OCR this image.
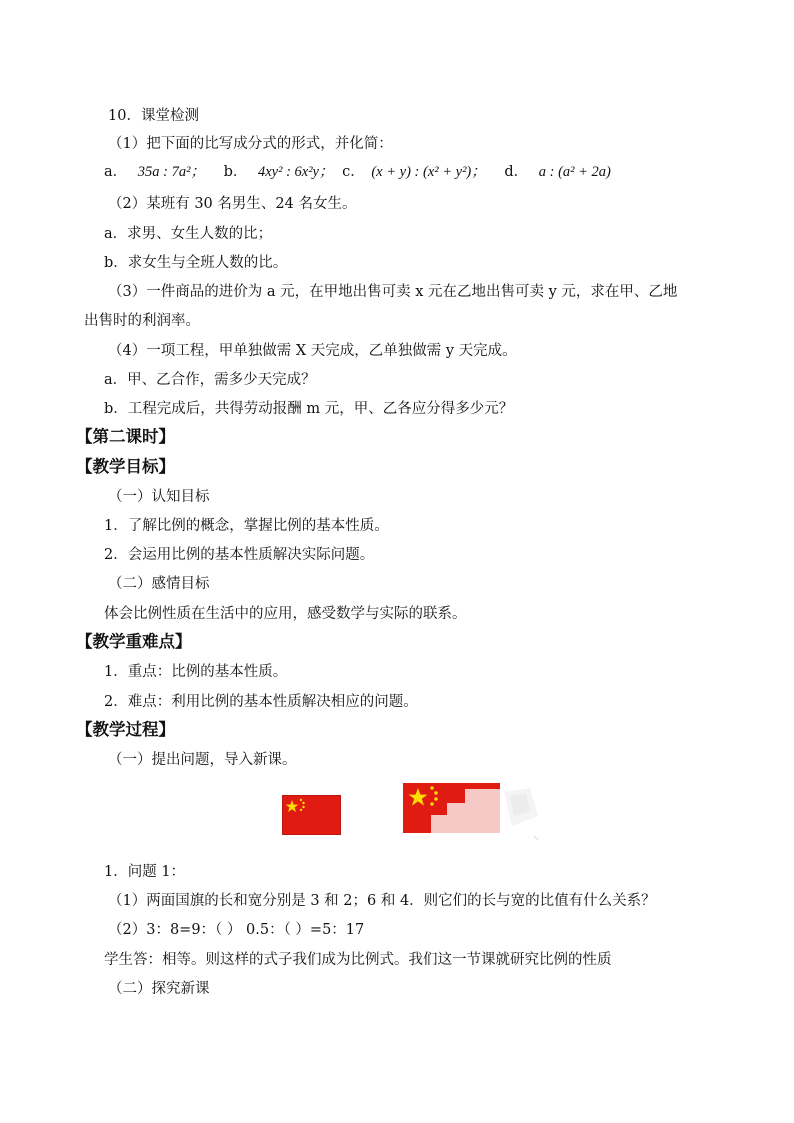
10．课堂检测
（1）把下面的比写成分式的形式，并化简：
a． 35a : 7a²； b． 4xy² : 6x²y； c． (x + y) : (x² + y²)； d． a : (a² + 2a)
（2）某班有 30 名男生、24 名女生。
a．求男、女生人数的比；
b．求女生与全班人数的比。
（3）一件商品的进价为 a 元，在甲地出售可卖 x 元在乙地出售可卖 y 元，求在甲、乙地
出售时的利润率。
（4）一项工程，甲单独做需 X 天完成，乙单独做需 y 天完成。
a．甲、乙合作，需多少天完成？
b．工程完成后，共得劳动报酬 m 元，甲、乙各应分得多少元？
【第二课时】
【教学目标】
（一）认知目标
1．了解比例的概念，掌握比例的基本性质。
2．会运用比例的基本性质解决实际问题。
（二）感情目标
体会比例性质在生活中的应用，感受数学与实际的联系。
【教学重难点】
1．重点：比例的基本性质。
2．难点：利用比例的基本性质解决相应的问题。
【教学过程】
（一）提出问题，导入新课。
1．问题 1：
（1）两面国旗的长和宽分别是 3 和 2；6 和 4．则它们的长与宽的比值有什么关系？
（2）3：8=9：（ ） 0.5：（ ）=5：17
学生答：相等。则这样的式子我们成为比例式。我们这一节课就研究比例的性质
（二）探究新课
